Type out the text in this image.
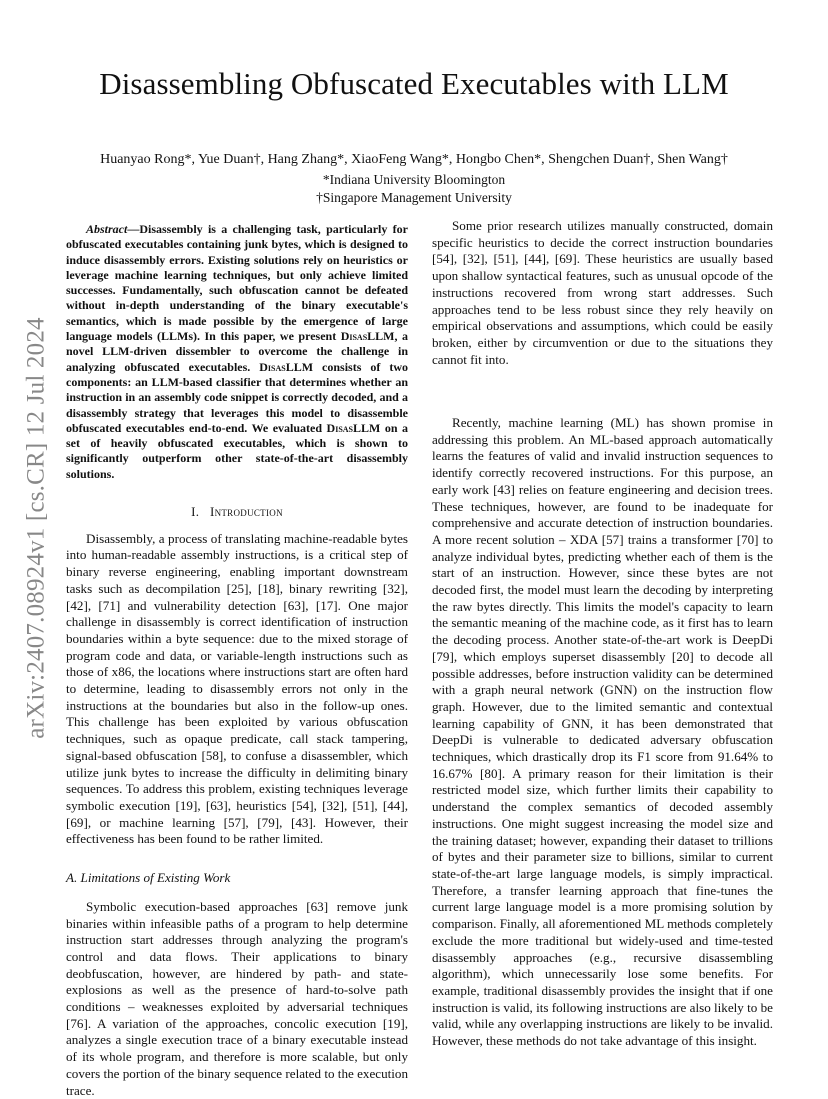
arXiv:2407.08924v1 [cs.CR] 12 Jul 2024
Disassembling Obfuscated Executables with LLM
Huanyao Rong*, Yue Duan†, Hang Zhang*, XiaoFeng Wang*, Hongbo Chen*, Shengchen Duan†, Shen Wang†
*Indiana University Bloomington
†Singapore Management University

Abstract—Disassembly is a challenging task, particularly for obfuscated executables containing junk bytes, which is designed to induce disassembly errors. Existing solutions rely on heuristics or leverage machine learning techniques, but only achieve limited successes. Fundamentally, such obfuscation cannot be defeated without in-depth understanding of the binary executable's semantics, which is made possible by the emergence of large language models (LLMs). In this paper, we present DisasLLM, a novel LLM-driven dissembler to overcome the challenge in analyzing obfuscated executables. DisasLLM consists of two components: an LLM-based classifier that determines whether an instruction in an assembly code snippet is correctly decoded, and a disassembly strategy that leverages this model to disassemble obfuscated executables end-to-end. We evaluated DisasLLM on a set of heavily obfuscated executables, which is shown to significantly outperform other state-of-the-art disassembly solutions.

I. Introduction

Disassembly, a process of translating machine-readable bytes into human-readable assembly instructions, is a critical step of binary reverse engineering, enabling important downstream tasks such as decompilation [25], [18], binary rewriting [32], [42], [71] and vulnerability detection [63], [17]. One major challenge in disassembly is correct identification of instruction boundaries within a byte sequence: due to the mixed storage of program code and data, or variable-length instructions such as those of x86, the locations where instructions start are often hard to determine, leading to disassembly errors not only in the instructions at the boundaries but also in the follow-up ones. This challenge has been exploited by various obfuscation techniques, such as opaque predicate, call stack tampering, signal-based obfuscation [58], to confuse a disassembler, which utilize junk bytes to increase the difficulty in delimiting binary sequences. To address this problem, existing techniques leverage symbolic execution [19], [63], heuristics [54], [32], [51], [44], [69], or machine learning [57], [79], [43]. However, their effectiveness has been found to be rather limited.

A. Limitations of Existing Work

Symbolic execution-based approaches [63] remove junk binaries within infeasible paths of a program to help determine instruction start addresses through analyzing the program's control and data flows. Their applications to binary deobfuscation, however, are hindered by path- and state-explosions as well as the presence of hard-to-solve path conditions – weaknesses exploited by adversarial techniques [76]. A variation of the approaches, concolic execution [19], analyzes a single execution trace of a binary executable instead of its whole program, and therefore is more scalable, but only covers the portion of the binary sequence related to the execution trace.

Some prior research utilizes manually constructed, domain specific heuristics to decide the correct instruction boundaries [54], [32], [51], [44], [69]. These heuristics are usually based upon shallow syntactical features, such as unusual opcode of the instructions recovered from wrong start addresses. Such approaches tend to be less robust since they rely heavily on empirical observations and assumptions, which could be easily broken, either by circumvention or due to the situations they cannot fit into.

Recently, machine learning (ML) has shown promise in addressing this problem. An ML-based approach automatically learns the features of valid and invalid instruction sequences to identify correctly recovered instructions. For this purpose, an early work [43] relies on feature engineering and decision trees. These techniques, however, are found to be inadequate for comprehensive and accurate detection of instruction boundaries. A more recent solution – XDA [57] trains a transformer [70] to analyze individual bytes, predicting whether each of them is the start of an instruction. However, since these bytes are not decoded first, the model must learn the decoding by interpreting the raw bytes directly. This limits the model's capacity to learn the semantic meaning of the machine code, as it first has to learn the decoding process. Another state-of-the-art work is DeepDi [79], which employs superset disassembly [20] to decode all possible addresses, before instruction validity can be determined with a graph neural network (GNN) on the instruction flow graph. However, due to the limited semantic and contextual learning capability of GNN, it has been demonstrated that DeepDi is vulnerable to dedicated adversary obfuscation techniques, which drastically drop its F1 score from 91.64% to 16.67% [80]. A primary reason for their limitation is their restricted model size, which further limits their capability to understand the complex semantics of decoded assembly instructions. One might suggest increasing the model size and the training dataset; however, expanding their dataset to trillions of bytes and their parameter size to billions, similar to current state-of-the-art large language models, is simply impractical. Therefore, a transfer learning approach that fine-tunes the current large language model is a more promising solution by comparison. Finally, all aforementioned ML methods completely exclude the more traditional but widely-used and time-tested disassembly approaches (e.g., recursive disassembling algorithm), which unnecessarily lose some benefits. For example, traditional disassembly provides the insight that if one instruction is valid, its following instructions are also likely to be valid, while any overlapping instructions are likely to be invalid. However, these methods do not take advantage of this insight.
